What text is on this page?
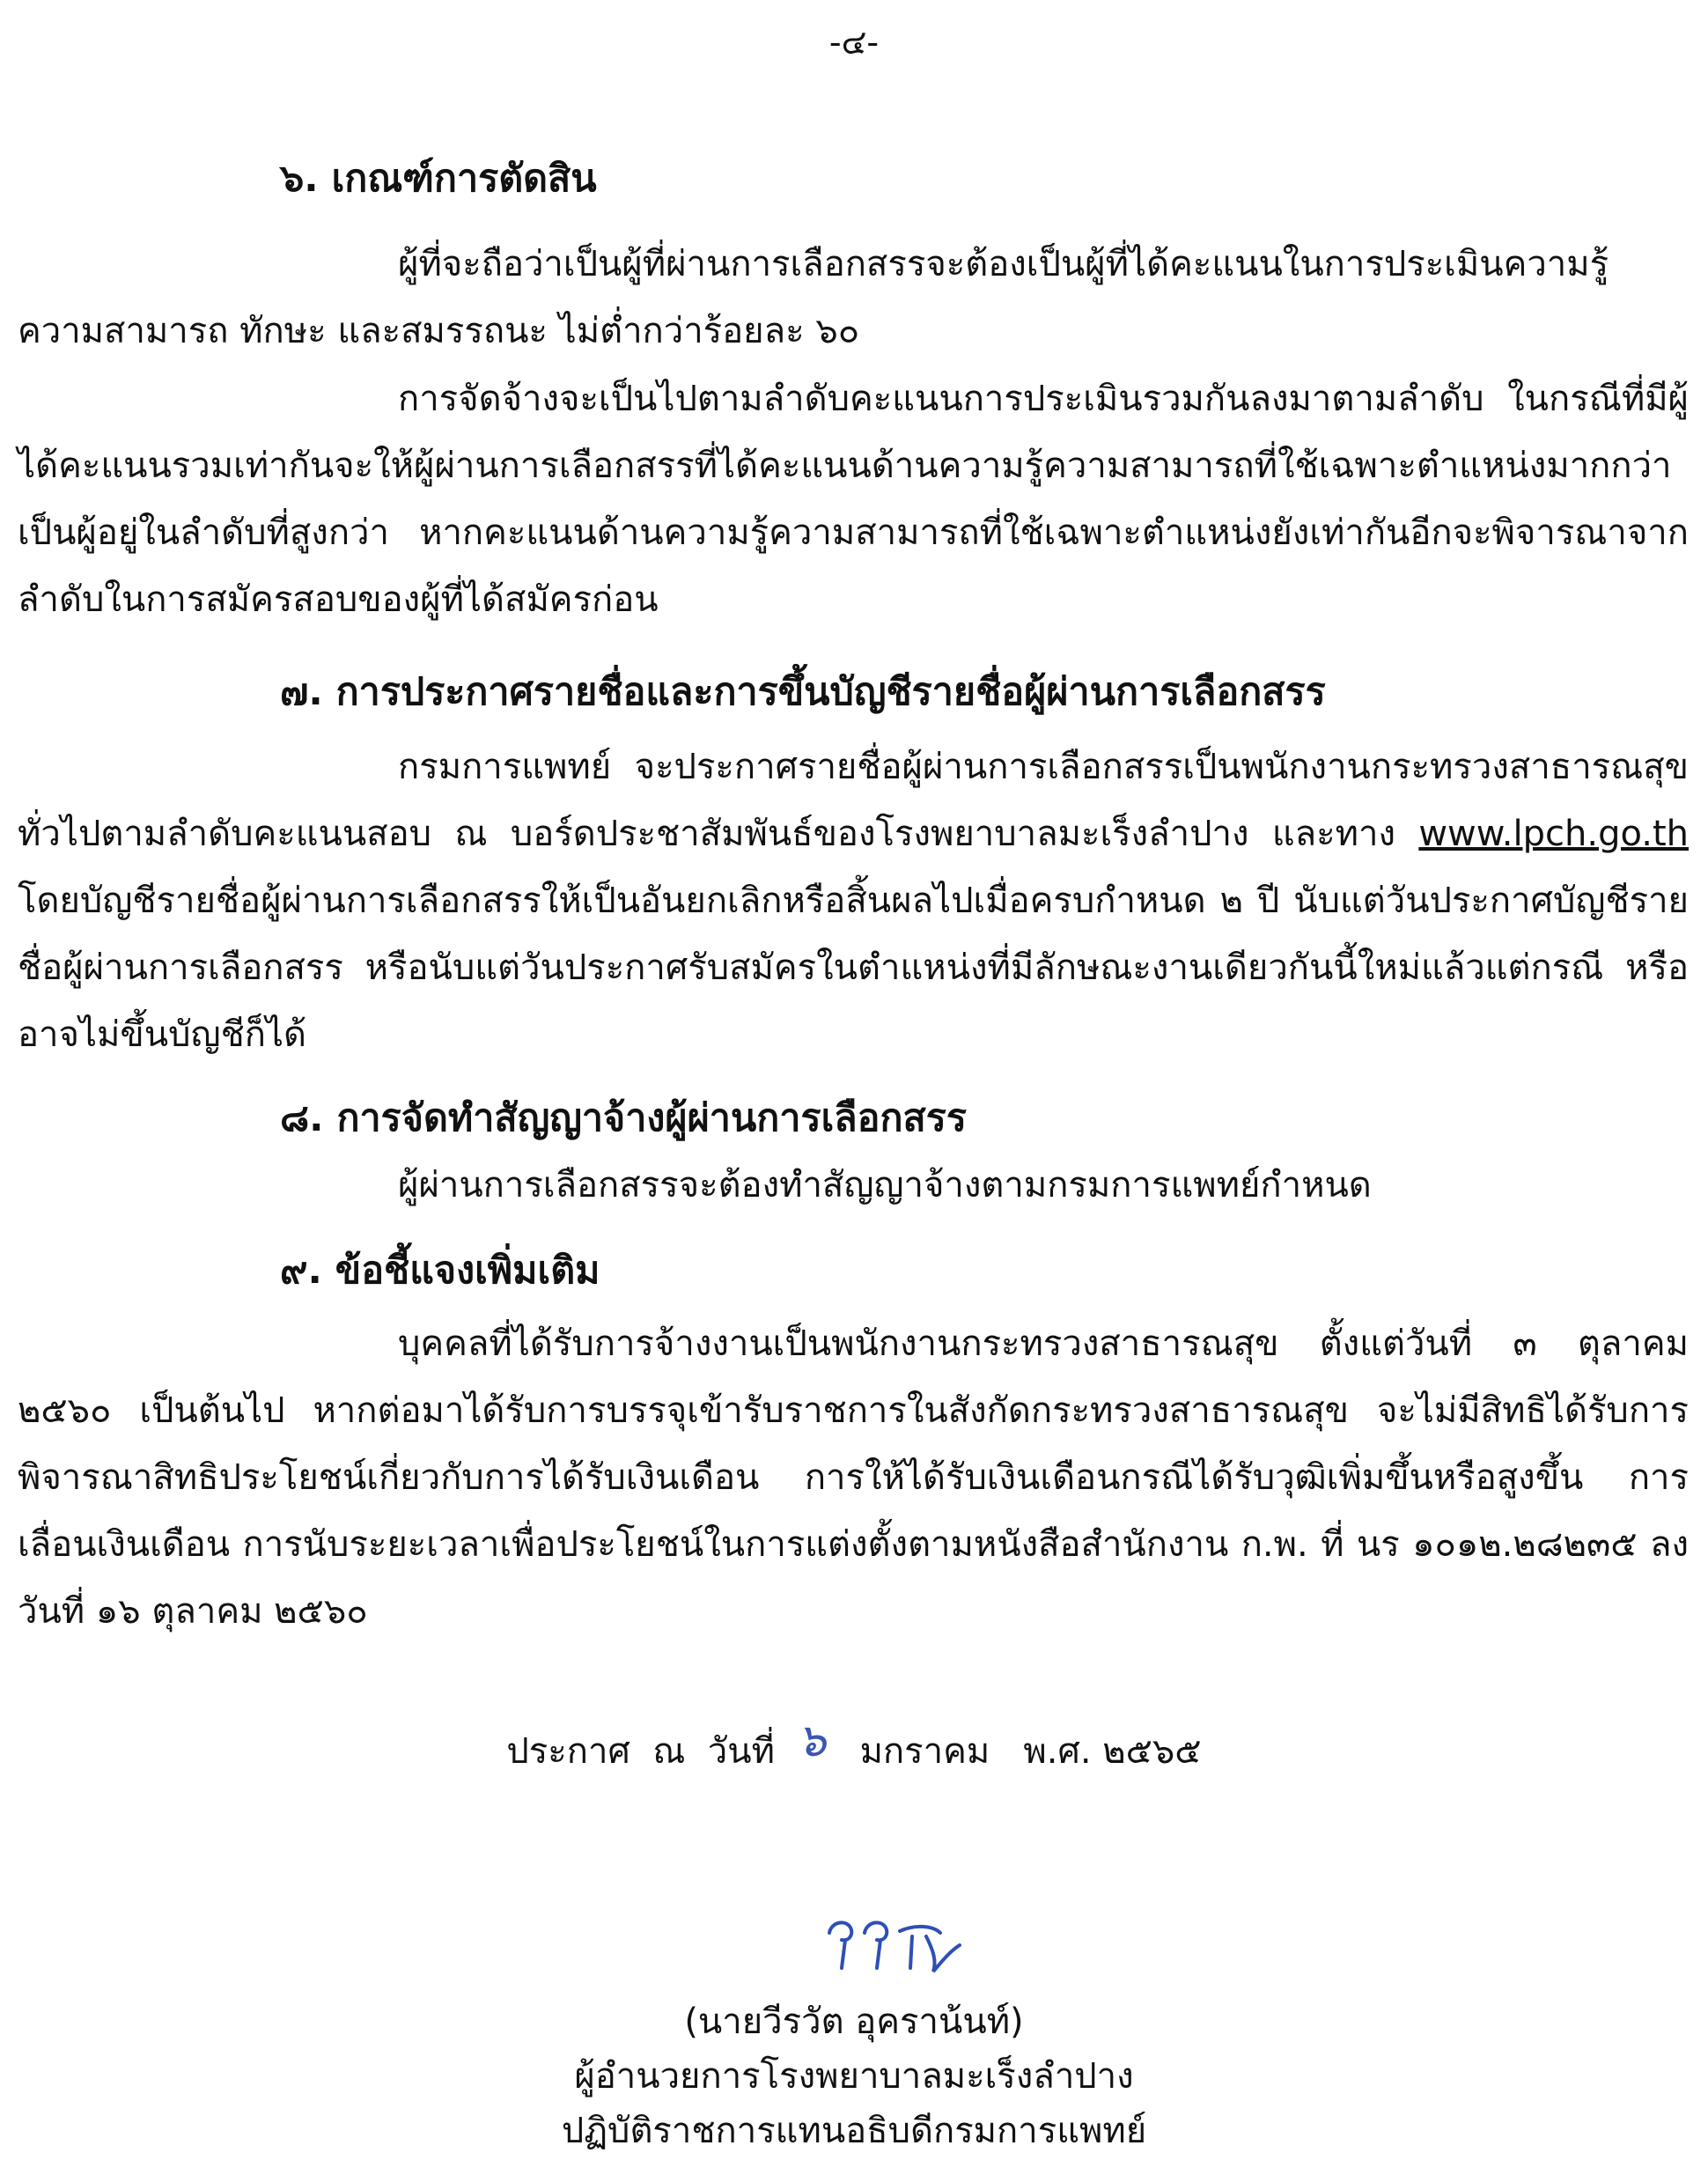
-๔-
๖. เกณฑ์การตัดสิน
ผู้ที่จะถือว่าเป็นผู้ที่ผ่านการเลือกสรรจะต้องเป็นผู้ที่ได้คะแนนในการประเมินความรู้ ความสามารถ ทักษะ และสมรรถนะ ไม่ต่ำกว่าร้อยละ ๖๐
การจัดจ้างจะเป็นไปตามลำดับคะแนนการประเมินรวมกันลงมาตามลำดับ ในกรณีที่มีผู้ได้คะแนนรวมเท่ากันจะให้ผู้ผ่านการเลือกสรรที่ได้คะแนนด้านความรู้ความสามารถที่ใช้เฉพาะตำแหน่งมากกว่าเป็นผู้อยู่ในลำดับที่สูงกว่า หากคะแนนด้านความรู้ความสามารถที่ใช้เฉพาะตำแหน่งยังเท่ากันอีกจะพิจารณาจากลำดับในการสมัครสอบของผู้ที่ได้สมัครก่อน
๗. การประกาศรายชื่อและการขึ้นบัญชีรายชื่อผู้ผ่านการเลือกสรร
กรมการแพทย์ จะประกาศรายชื่อผู้ผ่านการเลือกสรรเป็นพนักงานกระทรวงสาธารณสุขทั่วไปตามลำดับคะแนนสอบ ณ บอร์ดประชาสัมพันธ์ของโรงพยาบาลมะเร็งลำปาง และทาง www.lpch.go.th โดยบัญชีรายชื่อผู้ผ่านการเลือกสรรให้เป็นอันยกเลิกหรือสิ้นผลไปเมื่อครบกำหนด ๒ ปี นับแต่วันประกาศบัญชีรายชื่อผู้ผ่านการเลือกสรร หรือนับแต่วันประกาศรับสมัครในตำแหน่งที่มีลักษณะงานเดียวกันนี้ใหม่แล้วแต่กรณี หรืออาจไม่ขึ้นบัญชีก็ได้
๘. การจัดทำสัญญาจ้างผู้ผ่านการเลือกสรร
ผู้ผ่านการเลือกสรรจะต้องทำสัญญาจ้างตามกรมการแพทย์กำหนด
๙. ข้อชี้แจงเพิ่มเติม
บุคคลที่ได้รับการจ้างงานเป็นพนักงานกระทรวงสาธารณสุข ตั้งแต่วันที่ ๓ ตุลาคม ๒๕๖๐ เป็นต้นไป หากต่อมาได้รับการบรรจุเข้ารับราชการในสังกัดกระทรวงสาธารณสุข จะไม่มีสิทธิได้รับการพิจารณาสิทธิประโยชน์เกี่ยวกับการได้รับเงินเดือน การให้ได้รับเงินเดือนกรณีได้รับวุฒิเพิ่มขึ้นหรือสูงขึ้น การเลื่อนเงินเดือน การนับระยะเวลาเพื่อประโยชน์ในการแต่งตั้งตามหนังสือสำนักงาน ก.พ. ที่ นร ๑๐๑๒.๒๘๒๓๕ ลงวันที่ ๑๖ ตุลาคม ๒๕๖๐
ประกาศ  ณ  วันที่  ๖   มกราคม   พ.ศ. ๒๕๖๕
(นายวีรวัต อุคราน้นท์)
ผู้อำนวยการโรงพยาบาลมะเร็งลำปาง
ปฏิบัติราชการแทนอธิบดีกรมการแพทย์
